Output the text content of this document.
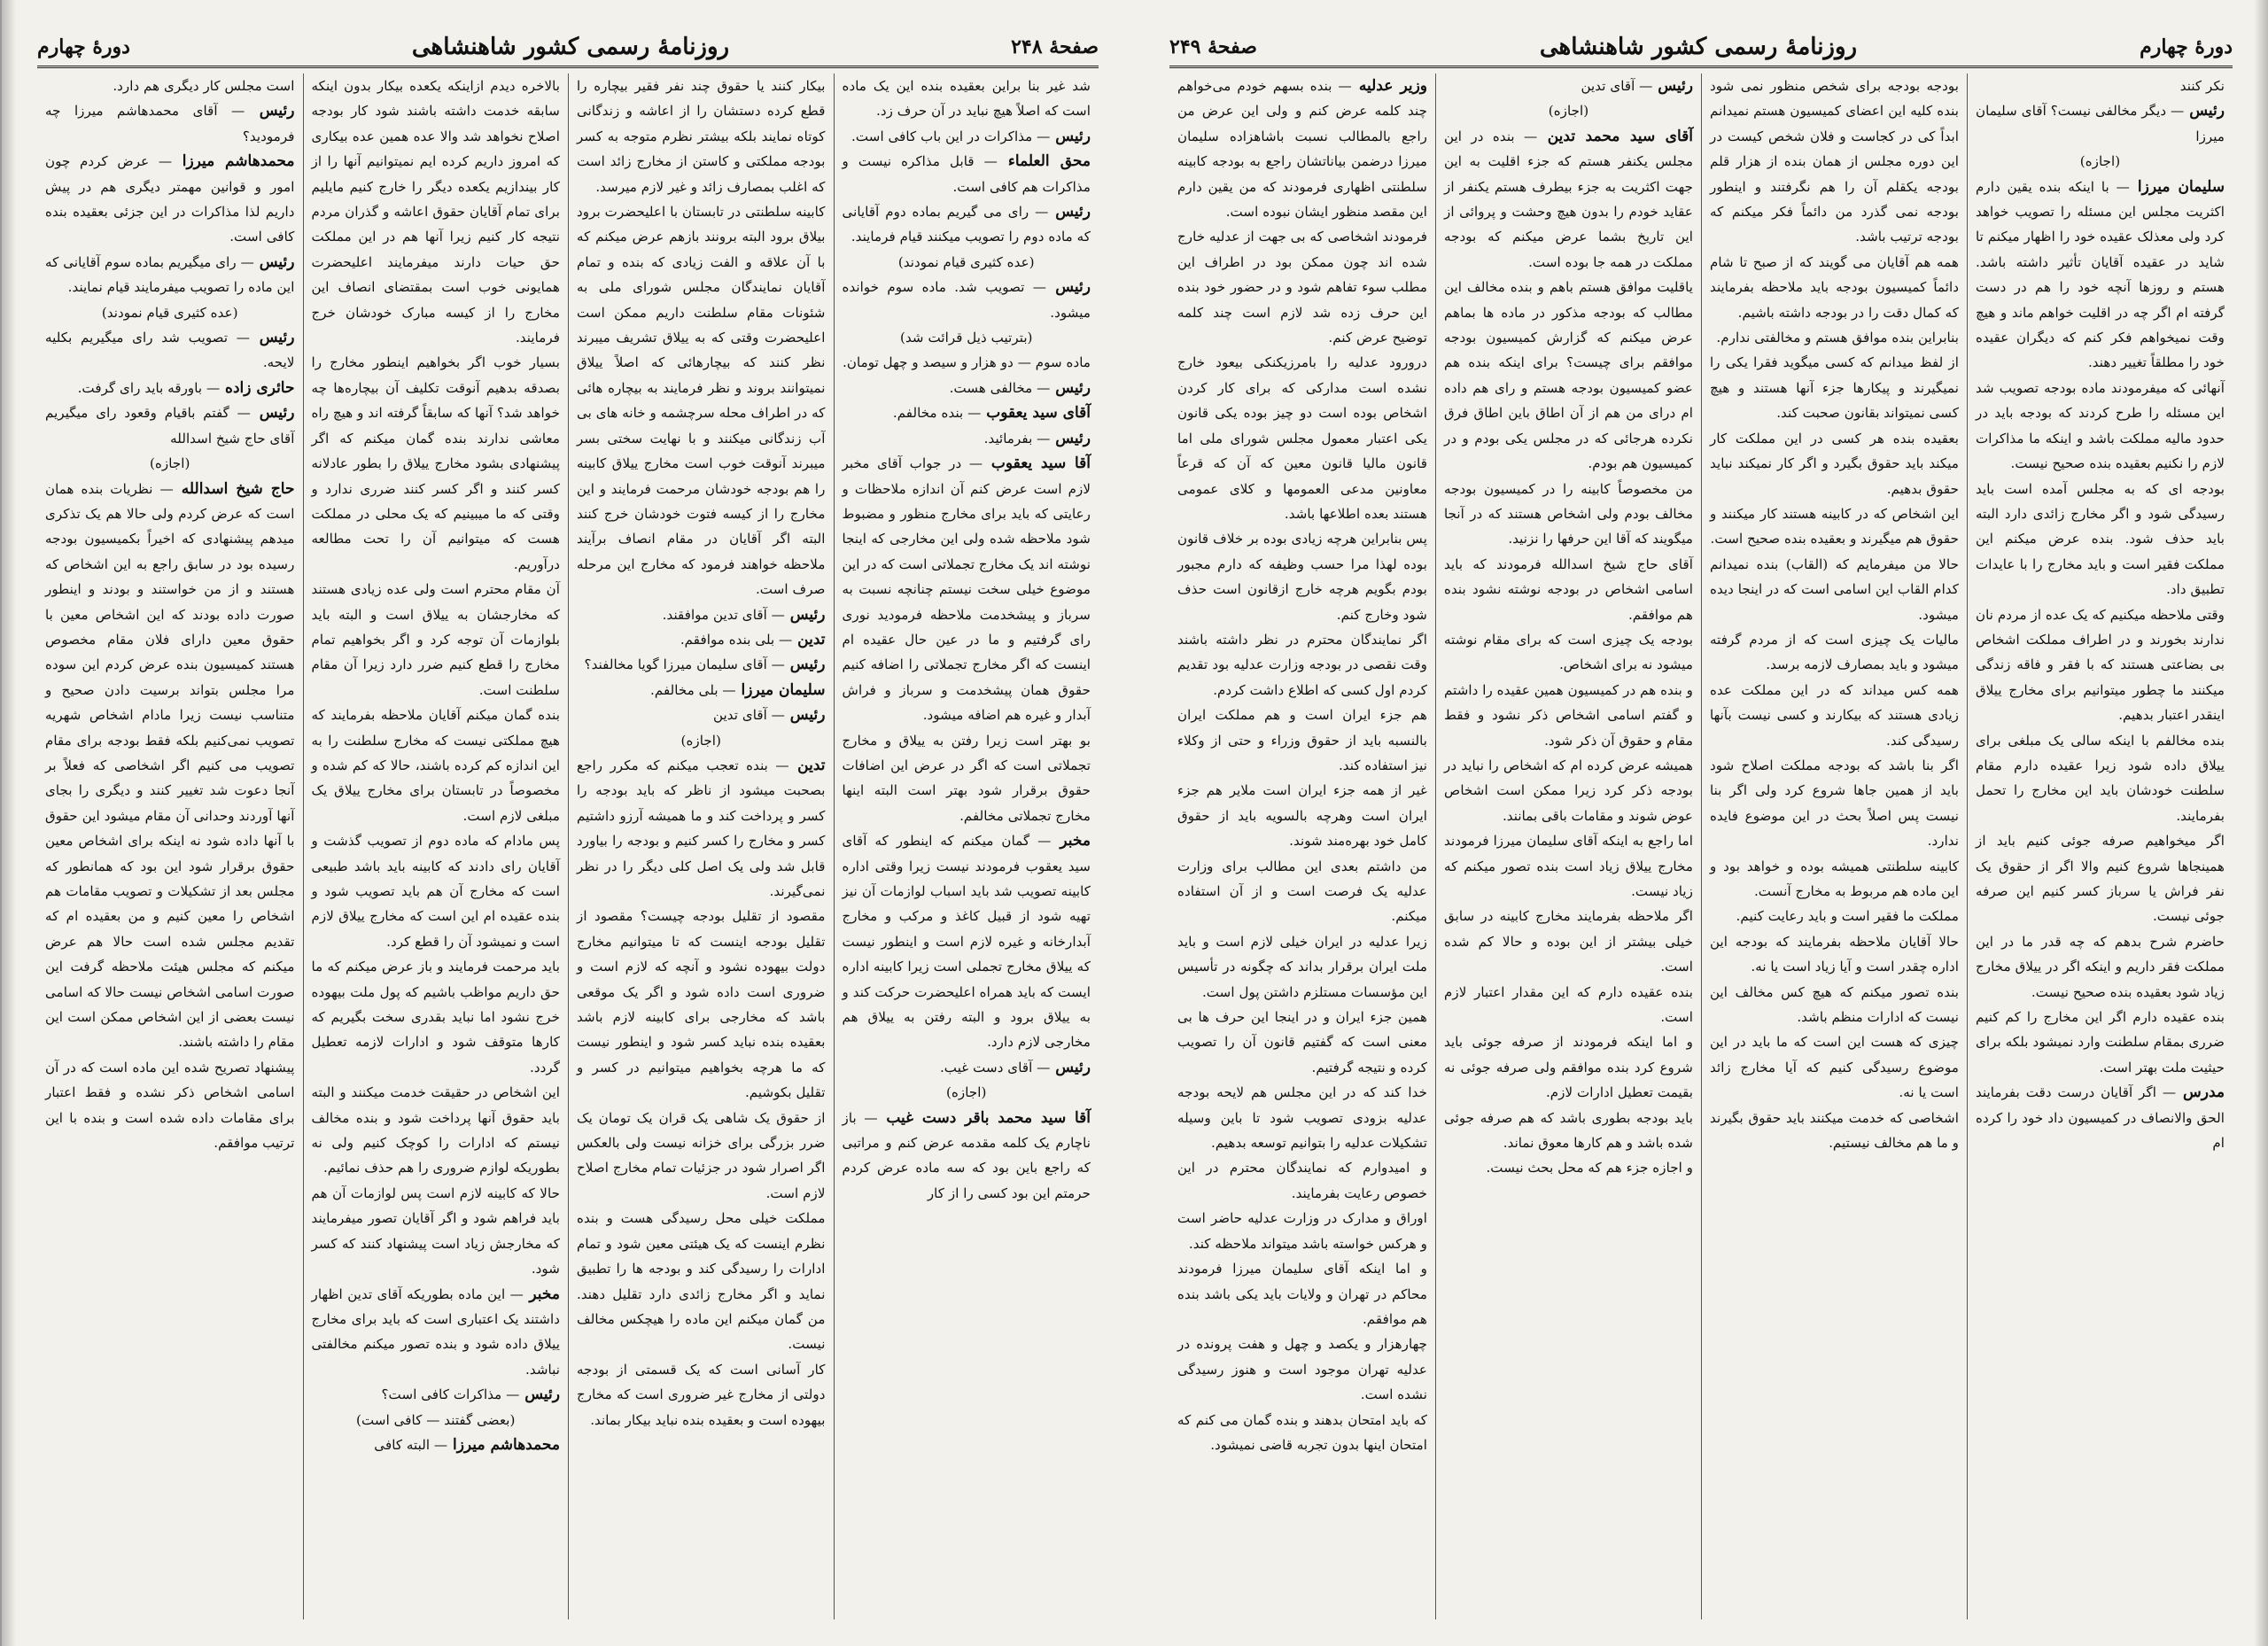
صفحهٔ ۲۴۸
روزنامهٔ رسمی کشور شاهنشاهی
دورهٔ چهارم

شد غیر بنا براین بعقیده بنده این یک ماده است که اصلاً هیچ نباید در آن حرف زد.

رئیس — مذاکرات در این باب کافی است.

محق العلماء — قابل مذاکره نیست و مذاکرات هم کافی است.

رئیس — رای می گیریم بماده دوم آقایانی که ماده دوم را تصویب میکنند قیام فرمایند.

(عده کثیری قیام نمودند)

رئیس — تصویب شد. ماده سوم خوانده میشود.

(بترتیب ذیل قرائت شد)

ماده سوم — دو هزار و سیصد و چهل تومان.

رئیس — مخالفی هست.

آقای سید یعقوب — بنده مخالفم.

رئیس — بفرمائید.

آقا سید یعقوب — در جواب آقای مخبر لازم است عرض کنم آن اندازه ملاحظات و رعایتی که باید برای مخارج منظور و مضبوط شود ملاحظه شده ولی این مخارجی که اینجا نوشته اند یک مخارج تجملاتی است که در این موضوع خیلی سخت نیستم چنانچه نسبت به سرباز و پیشخدمت ملاحظه فرمودید نوری رای گرفتیم و ما در عین حال عقیده ام اینست که اگر مخارج تجملاتی را اضافه کنیم حقوق همان پیشخدمت و سرباز و فراش آبدار و غیره هم اضافه میشود.

بو بهتر است زیرا رفتن به ییلاق و مخارج تجملاتی است که اگر در عرض این اضافات حقوق برقرار شود بهتر است البته اینها مخارج تجملاتی مخالفم.

مخبر — گمان میکنم که اینطور که آقای سید یعقوب فرمودند نیست زیرا وقتی اداره کابینه تصویب شد باید اسباب لوازمات آن نیز تهیه شود از قبیل کاغذ و مرکب و مخارج آبدارخانه و غیره لازم است و اینطور نیست که ییلاق مخارج تجملی است زیرا کابینه اداره ایست که باید همراه اعلیحضرت حرکت کند و به ییلاق برود و البته رفتن به ییلاق هم مخارجی لازم دارد.

رئیس — آقای دست غیب.

(اجازه)

آقا سید محمد باقر دست غیب — باز ناچارم یک کلمه مقدمه عرض کنم و مراتبی که راجع باین بود که سه ماده عرض کردم حرمتم این بود کسی را از کار

بیکار کنند یا حقوق چند نفر فقیر بیچاره را قطع کرده دستشان را از اعاشه و زندگانی کوتاه نمایند بلکه بیشتر نظرم متوجه به کسر بودجه مملکتی و کاستن از مخارج زائد است که اغلب بمصارف زائد و غیر لازم میرسد.

کابینه سلطنتی در تابستان با اعلیحضرت برود بیلاق برود البته برونند بازهم عرض میکنم که با آن علاقه و الفت زیادی که بنده و تمام آقایان نمایندگان مجلس شورای ملی به شئونات مقام سلطنت داریم ممکن است اعلیحضرت وقتی که به ییلاق تشریف میبرند نظر کنند که بیچارهائی که اصلاً ییلاق نمیتوانند بروند و نظر فرمایند به بیچاره هائی که در اطراف محله سرچشمه و خانه های بی آب زندگانی میکنند و با نهایت سختی بسر میبرند آنوقت خوب است مخارج ییلاق کابینه را هم بودجه خودشان مرحمت فرمایند و این مخارج را از کیسه فتوت خودشان خرج کنند البته اگر آقایان در مقام انصاف برآیند ملاحظه خواهند فرمود که مخارج این مرحله صرف است.

رئیس — آقای تدین موافقند.

تدین — بلی بنده موافقم.

رئیس — آقای سلیمان میرزا گویا مخالفند؟

سلیمان میرزا — بلی مخالفم.

رئیس — آقای تدین

(اجازه)

تدین — بنده تعجب میکنم که مکرر راجع بصحبت میشود از ناظر که باید بودجه را کسر و پرداخت کند و ما همیشه آرزو داشتیم کسر و مخارج را کسر کنیم و بودجه را بیاورد قابل شد ولی یک اصل کلی دیگر را در نظر نمی‌گیرند.

مقصود از تقلیل بودجه چیست؟ مقصود از تقلیل بودجه اینست که تا میتوانیم مخارج دولت بیهوده نشود و آنچه که لازم است و ضروری است داده شود و اگر یک موقعی باشد که مخارجی برای کابینه لازم باشد بعقیده بنده نباید کسر شود و اینطور نیست که ما هرچه بخواهیم میتوانیم در کسر و تقلیل بکوشیم.

از حقوق یک شاهی یک قران یک تومان یک ضرر بزرگی برای خزانه نیست ولی بالعکس اگر اصرار شود در جزئیات تمام مخارج اصلاح لازم است.

مملکت خیلی محل رسیدگی هست و بنده نظرم اینست که یک هیئتی معین شود و تمام ادارات را رسیدگی کند و بودجه ها را تطبیق نماید و اگر مخارج زائدی دارد تقلیل دهند. من گمان میکنم این ماده را هیچکس مخالف نیست.

کار آسانی است که یک قسمتی از بودجه دولتی از مخارج غیر ضروری است که مخارج بیهوده است و بعقیده بنده نباید بیکار بماند.

بالاخره دیدم ازاینکه یکعده بیکار بدون اینکه سابقه خدمت داشته باشند شود کار بودجه اصلاح نخواهد شد والا عده همین عده بیکاری که امروز داریم کرده ایم نمیتوانیم آنها را از کار بیندازیم یکعده دیگر را خارج کنیم مایلیم برای تمام آقایان حقوق اعاشه و گذران مردم نتیجه کار کنیم زیرا آنها هم در این مملکت حق حیات دارند میفرمایند اعلیحضرت همایونی خوب است بمقتضای انصاف این مخارج را از کیسه مبارک خودشان خرج فرمایند.

بسیار خوب اگر بخواهیم اینطور مخارج را بصدقه بدهیم آنوقت تکلیف آن بیچاره‌ها چه خواهد شد؟ آنها که سابقاً گرفته اند و هیچ راه معاشی ندارند بنده گمان میکنم که اگر پیشنهادی بشود مخارج ییلاق را بطور عادلانه کسر کنند و اگر کسر کنند ضرری ندارد و وقتی که ما میبینیم که یک محلی در مملکت هست که میتوانیم آن را تحت مطالعه درآوریم.

آن مقام محترم است ولی عده زیادی هستند که مخارجشان به ییلاق است و البته باید بلوازمات آن توجه کرد و اگر بخواهیم تمام مخارج را قطع کنیم ضرر دارد زیرا آن مقام سلطنت است.

بنده گمان میکنم آقایان ملاحظه بفرمایند که هیچ مملکتی نیست که مخارج سلطنت را به این اندازه کم کرده باشند، حالا که کم شده و مخصوصاً در تابستان برای مخارج ییلاق یک مبلغی لازم است.

پس مادام که ماده دوم از تصویب گذشت و آقایان رای دادند که کابینه باید باشد طبیعی است که مخارج آن هم باید تصویب شود و بنده عقیده ام این است که مخارج ییلاق لازم است و نمیشود آن را قطع کرد.

باید مرحمت فرمایند و باز عرض میکنم که ما حق داریم مواظب باشیم که پول ملت بیهوده خرج نشود اما نباید بقدری سخت بگیریم که کارها متوقف شود و ادارات لازمه تعطیل گردد.

این اشخاص در حقیقت خدمت میکنند و البته باید حقوق آنها پرداخت شود و بنده مخالف نیستم که ادارات را کوچک کنیم ولی نه بطوریکه لوازم ضروری را هم حذف نمائیم.

حالا که کابینه لازم است پس لوازمات آن هم باید فراهم شود و اگر آقایان تصور میفرمایند که مخارجش زیاد است پیشنهاد کنند که کسر شود.

مخبر — این ماده بطوریکه آقای تدین اظهار داشتند یک اعتباری است که باید برای مخارج ییلاق داده شود و بنده تصور میکنم مخالفتی نباشد.

رئیس — مذاکرات کافی است؟

(بعضی گفتند — کافی است)

محمدهاشم میرزا — البته کافی

است مجلس کار دیگری هم دارد.

رئیس — آقای محمدهاشم میرزا چه فرمودید؟

محمدهاشم میرزا — عرض کردم چون امور و قوانین مهمتر دیگری هم در پیش داریم لذا مذاکرات در این جزئی بعقیده بنده کافی است.

رئیس — رای میگیریم بماده سوم آقایانی که این ماده را تصویب میفرمایند قیام نمایند.

(عده کثیری قیام نمودند)

رئیس — تصویب شد رای میگیریم بکلیه لایحه.

حائری زاده — باورقه باید رای گرفت.

رئیس — گفتم باقیام وقعود رای میگیریم آقای حاج شیخ اسدالله

(اجازه)

حاج شیخ اسدالله — نظریات بنده همان است که عرض کردم ولی حالا هم یک تذکری میدهم پیشنهادی که اخیراً بکمیسیون بودجه رسیده بود در سابق راجع به این اشخاص که هستند و از من خواستند و بودند و اینطور صورت داده بودند که این اشخاص معین با حقوق معین دارای فلان مقام مخصوص هستند کمیسیون بنده عرض کردم این سوده مرا مجلس بتواند برسیت دادن صحیح و متناسب نیست زیرا مادام اشخاص شهریه تصویب نمی‌کنیم بلکه فقط بودجه برای مقام تصویب می کنیم اگر اشخاصی که فعلاً بر آنجا دعوت شد تغییر کنند و دیگری را بجای آنها آوردند وحدانی آن مقام میشود این حقوق با آنها داده شود نه اینکه برای اشخاص معین حقوق برقرار شود این بود که همانطور که مجلس بعد از تشکیلات و تصویب مقامات هم اشخاص را معین کنیم و من بعقیده ام که تقدیم مجلس شده است حالا هم عرض میکنم که مجلس هیئت ملاحظه گرفت این صورت اسامی اشخاص نیست حالا که اسامی نیست بعضی از این اشخاص ممکن است این مقام را داشته باشند.

پیشنهاد تصریح شده این ماده است که در آن اسامی اشخاص ذکر نشده و فقط اعتبار برای مقامات داده شده است و بنده با این ترتیب موافقم.

دورهٔ چهارم
روزنامهٔ رسمی کشور شاهنشاهی
صفحهٔ ۲۴۹

نکر کنند

رئیس — دیگر مخالفی نیست؟ آقای سلیمان میرزا

(اجازه)

سلیمان میرزا — با اینکه بنده یقین دارم اکثریت مجلس این مسئله را تصویب خواهد کرد ولی معذلک عقیده خود را اظهار میکنم تا شاید در عقیده آقایان تأثیر داشته باشد. هستم و روزها آنچه خود را هم در دست گرفته ام اگر چه در اقلیت خواهم ماند و هیچ وقت نمیخواهم فکر کنم که دیگران عقیده خود را مطلقاً تغییر دهند.

آنهائی که میفرمودند ماده بودجه تصویب شد این مسئله را طرح کردند که بودجه باید در حدود مالیه مملکت باشد و اینکه ما مذاکرات لازم را نکنیم بعقیده بنده صحیح نیست.

بودجه ای که به مجلس آمده است باید رسیدگی شود و اگر مخارج زائدی دارد البته باید حذف شود. بنده عرض میکنم این مملکت فقیر است و باید مخارج را با عایدات تطبیق داد.

وقتی ملاحظه میکنیم که یک عده از مردم نان ندارند بخورند و در اطراف مملکت اشخاص بی بضاعتی هستند که با فقر و فاقه زندگی میکنند ما چطور میتوانیم برای مخارج ییلاق اینقدر اعتبار بدهیم.

بنده مخالفم با اینکه سالی یک مبلغی برای ییلاق داده شود زیرا عقیده دارم مقام سلطنت خودشان باید این مخارج را تحمل بفرمایند.

اگر میخواهیم صرفه جوئی کنیم باید از همینجاها شروع کنیم والا اگر از حقوق یک نفر فراش یا سرباز کسر کنیم این صرفه جوئی نیست.

حاضرم شرح بدهم که چه قدر ما در این مملکت فقر داریم و اینکه اگر در ییلاق مخارج زیاد شود بعقیده بنده صحیح نیست.

بنده عقیده دارم اگر این مخارج را کم کنیم ضرری بمقام سلطنت وارد نمیشود بلکه برای حیثیت ملت بهتر است.

مدرس — اگر آقایان درست دقت بفرمایند الحق والانصاف در کمیسیون داد خود را کرده ام

بودجه بودجه برای شخص منظور نمی شود بنده کلیه این اعضای کمیسیون هستم نمیدانم ابداً کی در کجاست و فلان شخص کیست در این دوره مجلس از همان بنده از هزار قلم بودجه یکقلم آن را هم نگرفتند و اینطور بودجه نمی گذرد من دائماً فکر میکنم که بودجه ترتیب باشد.

همه هم آقایان می گویند که از صبح تا شام دائماً کمیسیون بودجه باید ملاحظه بفرمایند که کمال دقت را در بودجه داشته باشیم.

بنابراین بنده موافق هستم و مخالفتی ندارم.

از لفظ میدانم که کسی میگوید فقرا یکی را نمیگیرند و پیکارها جزء آنها هستند و هیچ کسی نمیتواند بقانون صحبت کند.

بعقیده بنده هر کسی در این مملکت کار میکند باید حقوق بگیرد و اگر کار نمیکند نباید حقوق بدهیم.

این اشخاص که در کابینه هستند کار میکنند و حقوق هم میگیرند و بعقیده بنده صحیح است.

حالا من میفرمایم که (القاب) بنده نمیدانم کدام القاب این اسامی است که در اینجا دیده میشود.

مالیات یک چیزی است که از مردم گرفته میشود و باید بمصارف لازمه برسد.

همه کس میداند که در این مملکت عده زیادی هستند که بیکارند و کسی نیست بآنها رسیدگی کند.

اگر بنا باشد که بودجه مملکت اصلاح شود باید از همین جاها شروع کرد ولی اگر بنا نیست پس اصلاً بحث در این موضوع فایده ندارد.

کابینه سلطنتی همیشه بوده و خواهد بود و این ماده هم مربوط به مخارج آنست.

مملکت ما فقیر است و باید رعایت کنیم.

حالا آقایان ملاحظه بفرمایند که بودجه این اداره چقدر است و آیا زیاد است یا نه.

بنده تصور میکنم که هیچ کس مخالف این نیست که ادارات منظم باشد.

چیزی که هست این است که ما باید در این موضوع رسیدگی کنیم که آیا مخارج زائد است یا نه.

اشخاصی که خدمت میکنند باید حقوق بگیرند و ما هم مخالف نیستیم.

رئیس — آقای تدین

(اجازه)

آقای سید محمد تدین — بنده در این مجلس یکنفر هستم که جزء اقلیت به این جهت اکثریت به جزء بیطرف هستم یکنفر از عقاید خودم را بدون هیچ وحشت و پروائی از این تاریخ بشما عرض میکنم که بودجه مملکت در همه جا بوده است.

یاقلیت موافق هستم باهم و بنده مخالف این مطالب که بودجه مذکور در ماده ها بماهم عرض میکنم که گزارش کمیسیون بودجه موافقم برای چیست؟ برای اینکه بنده هم عضو کمیسیون بودجه هستم و رای هم داده ام درای من هم از آن اطاق باین اطاق فرق نکرده هرجائی که در مجلس یکی بودم و در کمیسیون هم بودم.

من مخصوصاً کابینه را در کمیسیون بودجه مخالف بودم ولی اشخاص هستند که در آنجا میگویند که آقا این حرفها را نزنید.

آقای حاج شیخ اسدالله فرمودند که باید اسامی اشخاص در بودجه نوشته نشود بنده هم موافقم.

بودجه یک چیزی است که برای مقام نوشته میشود نه برای اشخاص.

و بنده هم در کمیسیون همین عقیده را داشتم و گفتم اسامی اشخاص ذکر نشود و فقط مقام و حقوق آن ذکر شود.

همیشه عرض کرده ام که اشخاص را نباید در بودجه ذکر کرد زیرا ممکن است اشخاص عوض شوند و مقامات باقی بمانند.

اما راجع به اینکه آقای سلیمان میرزا فرمودند مخارج ییلاق زیاد است بنده تصور میکنم که زیاد نیست.

اگر ملاحظه بفرمایند مخارج کابینه در سابق خیلی بیشتر از این بوده و حالا کم شده است.

بنده عقیده دارم که این مقدار اعتبار لازم است.

و اما اینکه فرمودند از صرفه جوئی باید شروع کرد بنده موافقم ولی صرفه جوئی نه بقیمت تعطیل ادارات لازم.

باید بودجه بطوری باشد که هم صرفه جوئی شده باشد و هم کارها معوق نماند.

و اجازه جزء هم که محل بحث نیست.

وزیر عدلیه — بنده بسهم خودم می‌خواهم چند کلمه عرض کنم و ولی این عرض من راجع بالمطالب نسبت باشاهزاده سلیمان میرزا درضمن بیاناتشان راجع به بودجه کابینه سلطنتی اظهاری فرمودند که من یقین دارم این مقصد منظور ایشان نبوده است.

فرمودند اشخاصی که بی جهت از عدلیه خارج شده اند چون ممکن بود در اطراف این مطلب سوء تفاهم شود و در حضور خود بنده این حرف زده شد لازم است چند کلمه توضیح عرض کنم.

درورود عدلیه را بامرزیکنکی بیعود خارج نشده است مدارکی که برای کار کردن اشخاص بوده است دو چیز بوده یکی قانون یکی اعتبار معمول مجلس شورای ملی اما قانون مالیا قانون معین که آن که قرعاً معاونین مدعی العمومها و کلای عمومی هستند بعده اطلاعها باشد.

پس بنابراین هرچه زیادی بوده بر خلاف قانون بوده لهذا مرا حسب وظیفه که دارم مجبور بودم بگویم هرچه خارج ازقانون است حذف شود وخارج کنم.

اگر نمایندگان محترم در نظر داشته باشند وقت نقصی در بودجه وزارت عدلیه بود تقدیم کردم اول کسی که اطلاع داشت کردم.

هم جزء ایران است و هم مملکت ایران بالنسبه باید از حقوق وزراء و حتی از وکلاء نیز استفاده کند.

غیر از همه جزء ایران است ملایر هم جزء ایران است وهرچه بالسویه باید از حقوق کامل خود بهره‌مند شوند.

من داشتم بعدی این مطالب برای وزارت عدلیه یک فرصت است و از آن استفاده میکنم.

زیرا عدلیه در ایران خیلی لازم است و باید ملت ایران برقرار بداند که چگونه در تأسیس این مؤسسات مستلزم داشتن پول است.

همین جزء ایران و در اینجا این حرف ها بی معنی است که گفتیم قانون آن را تصویب کرده و نتیجه گرفتیم.

خدا کند که در این مجلس هم لایحه بودجه عدلیه بزودی تصویب شود تا باین وسیله تشکیلات عدلیه را بتوانیم توسعه بدهیم.

و امیدوارم که نمایندگان محترم در این خصوص رعایت بفرمایند.

اوراق و مدارک در وزارت عدلیه حاضر است و هرکس خواسته باشد میتواند ملاحظه کند.

و اما اینکه آقای سلیمان میرزا فرمودند محاکم در تهران و ولایات باید یکی باشد بنده هم موافقم.

چهارهزار و یکصد و چهل و هفت پرونده در عدلیه تهران موجود است و هنوز رسیدگی نشده است.

که باید امتحان بدهند و بنده گمان می کنم که امتحان اینها بدون تجربه قاضی نمیشود.
